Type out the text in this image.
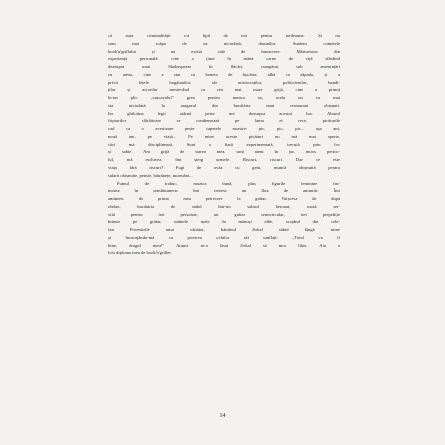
că aura criminalității s-a lipit de noi pentru totdeauna. Și nu
som mai scăpa de ea niciodată, domnilor. Suntem cometele
book'n'grillului și nu există cale de întoarcere. Mărturisesc din
experiență personală: cine a ținut în mână carne de viță sfârâind
deasupra unui Shakespeare în flăcări, cumpărat sub amenințări
cu arma, cine a stat cu boneta de bucătar, albă ca zăpada, și a
privit fețele bogătanilor, ale aristocraților, politicienilor, bandi-
ților și actorilor mestecând cu cea mai mare grijă, cine a primit
în-un plic „cașcavalul” greu pentru munca sa, acela nu va mai
sta niciodată la aragazul din bucătăria unui restaurant obișnuit.
Iar ghilotina legii atârnă peste noi deasupra acestui lux. Aburul
fripturilor sfârâitoare se condensează pe lama ei rece, picăturile
cad ca o avertizare peste capetele noastre: pic, pic, pic... așa ani,
nouă ani, pe viață... Pe mine aceste picături nu mă mai sperie,
căci mă disciplinează. Sunt o fiară experimentată, trecută prin foc
și sabie. Am grijă de starea mea, sunt atent în jur, miros perico-
lul, mă eschivez, îmi șterg urmele. Riscuri, riscuri. Dar ce este
viața fără riscuri? Fugi de ovăz cu gem, muncă obișnuită pentru
salarii obișnuite, pensie, bătrânețe, mormânt...
Fumul de trabuc, muzica bună, plus figurile feminine fru-
moase în semiîntuneric îmi trezesc un flux de amintiri. Îmi
amintesc de prima mea petrecere la grătar. Varșovia de după
război, bucătăria de stabd într-un subsol betonat, masă ser-
vită pentru trei persoane, un grătar semicircular, trei prepeliție
întinse pe grătar, mâinile mele în mănuși albe, scoțând din cele-
fan Povestirile unui vânător, bătrânul Zokal stând lângă mine
și încurajându-mă cu privirea ochilor săi umflați: „Totul va fi
bine, dragul meu!” Atunci m-a lăsat Zokal să mor liber. Aia a
fost diploma mea de book'n'griller.
14
